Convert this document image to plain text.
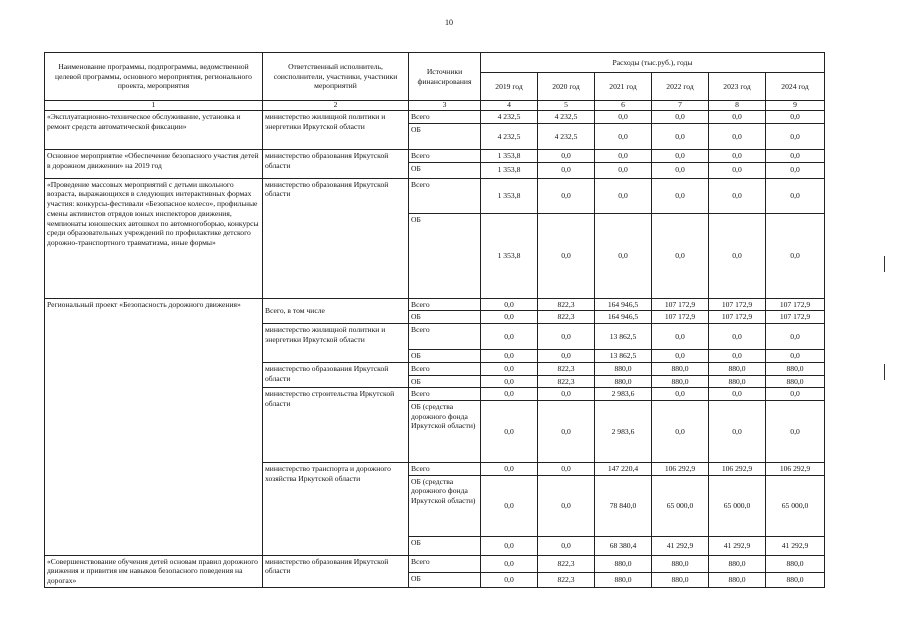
10
Наименование программы, подпрограммы, ведомственной целевой программы, основного мероприятия, регионального проекта, мероприятия	Ответственный исполнитель, соисполнители, участники, участники мероприятий	Источники финансирования	Расходы (тыс.руб.), годы					
			2019 год	2020 год	2021 год	2022 год	2023 год	2024 год
1	2	3	4	5	6	7	8	9
«Эксплуатационно-техническое обслуживание, установка и ремонт средств автоматической фиксации»	министерство жилищной политики и энергетики Иркутской области	Всего	4 232,5	4 232,5	0,0	0,0	0,0	0,0
		ОБ	4 232,5	4 232,5	0,0	0,0	0,0	0,0
Основное мероприятие «Обеспечение безопасного участия детей в дорожном движении» на 2019 год	министерство образования Иркутской области	Всего	1 353,8	0,0	0,0	0,0	0,0	0,0
		ОБ	1 353,8	0,0	0,0	0,0	0,0	0,0
«Проведение массовых мероприятий с детьми школьного возраста, выражающихся в следующих интерактивных формах участия: конкурсы-фестивали «Безопасное колесо», профильные смены активистов отрядов юных инспекторов движения, чемпионаты юношеских автошкол по автомногоборью, конкурсы среди образовательных учреждений по профилактике детского дорожно-транспортного травматизма, иные формы»	министерство образования Иркутской области	Всего	1 353,8	0,0	0,0	0,0	0,0	0,0
		ОБ	1 353,8	0,0	0,0	0,0	0,0	0,0
Региональный проект «Безопасность дорожного движения»	Всего, в том числе	Всего	0,0	822,3	164 946,5	107 172,9	107 172,9	107 172,9
		ОБ	0,0	822,3	164 946,5	107 172,9	107 172,9	107 172,9
	министерство жилищной политики и энергетики Иркутской области	Всего	0,0	0,0	13 862,5	0,0	0,0	0,0
		ОБ	0,0	0,0	13 862,5	0,0	0,0	0,0
	министерство образования Иркутской области	Всего	0,0	822,3	880,0	880,0	880,0	880,0
		ОБ	0,0	822,3	880,0	880,0	880,0	880,0
	министерство строительства Иркутской области	Всего	0,0	0,0	2 983,6	0,0	0,0	0,0
		ОБ (средства дорожного фонда Иркутской области)	0,0	0,0	2 983,6	0,0	0,0	0,0
	министерство транспорта и дорожного хозяйства Иркутской области	Всего	0,0	0,0	147 220,4	106 292,9	106 292,9	106 292,9
		ОБ (средства дорожного фонда Иркутской области)	0,0	0,0	78 840,0	65 000,0	65 000,0	65 000,0
		ОБ	0,0	0,0	68 380,4	41 292,9	41 292,9	41 292,9
«Совершенствование обучения детей основам правил дорожного движения и привития им навыков безопасного поведения на дорогах»	министерство образования Иркутской области	Всего	0,0	822,3	880,0	880,0	880,0	880,0
		ОБ	0,0	822,3	880,0	880,0	880,0	880,0
